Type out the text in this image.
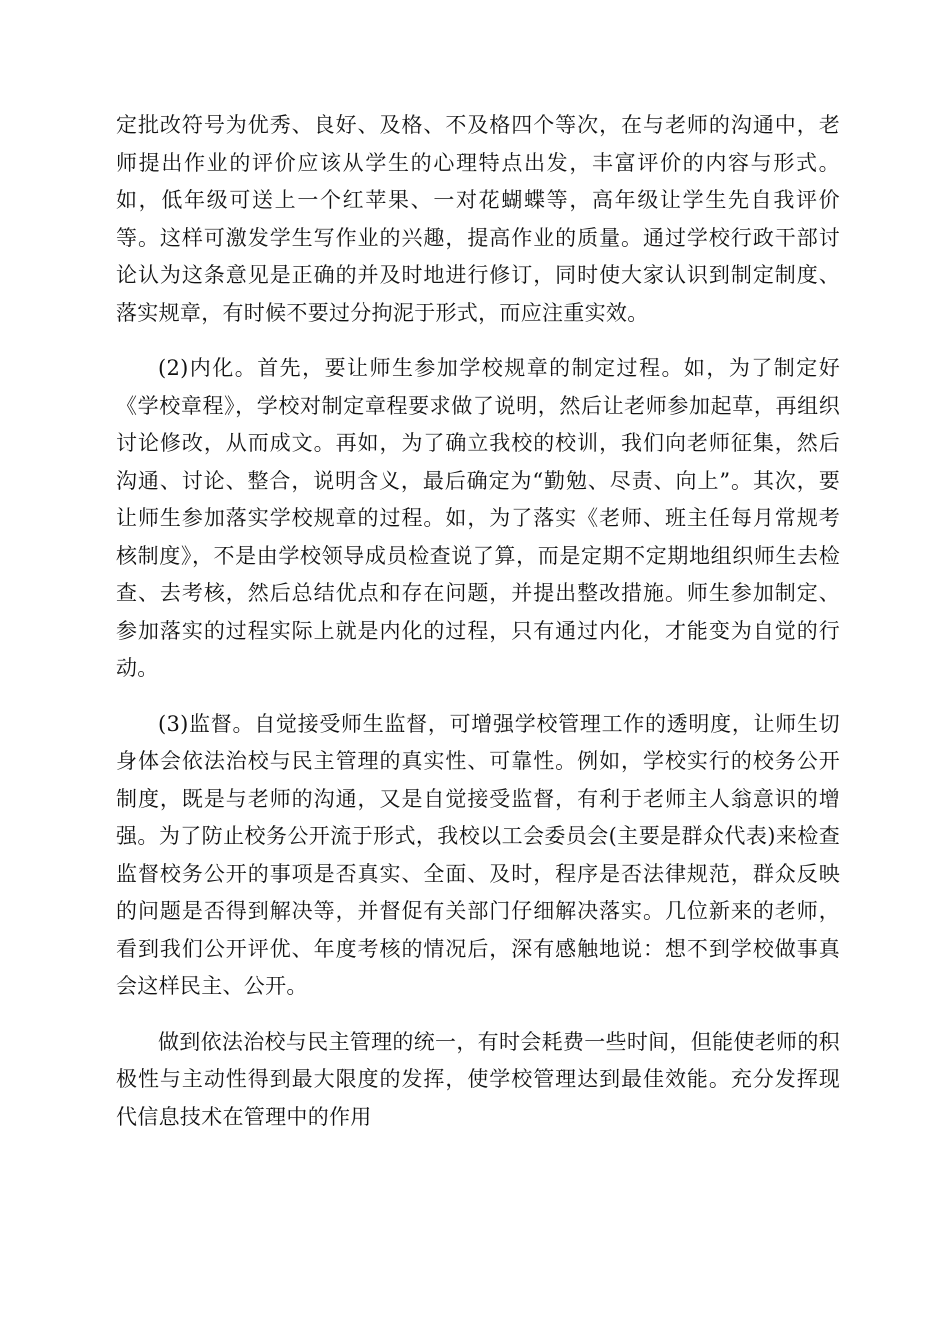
定批改符号为优秀、良好、及格、不及格四个等次，在与老师的沟通中，老师提出作业的评价应该从学生的心理特点出发，丰富评价的内容与形式。如，低年级可送上一个红苹果、一对花蝴蝶等，高年级让学生先自我评价等。这样可激发学生写作业的兴趣，提高作业的质量。通过学校行政干部讨论认为这条意见是正确的并及时地进行修订，同时使大家认识到制定制度、落实规章，有时候不要过分拘泥于形式，而应注重实效。

(2)内化。首先，要让师生参加学校规章的制定过程。如，为了制定好《学校章程》，学校对制定章程要求做了说明，然后让老师参加起草，再组织讨论修改，从而成文。再如，为了确立我校的校训，我们向老师征集，然后沟通、讨论、整合，说明含义，最后确定为“勤勉、尽责、向上”。其次，要让师生参加落实学校规章的过程。如，为了落实《老师、班主任每月常规考核制度》，不是由学校领导成员检查说了算，而是定期不定期地组织师生去检查、去考核，然后总结优点和存在问题，并提出整改措施。师生参加制定、参加落实的过程实际上就是内化的过程，只有通过内化，才能变为自觉的行动。

(3)监督。自觉接受师生监督，可增强学校管理工作的透明度，让师生切身体会依法治校与民主管理的真实性、可靠性。例如，学校实行的校务公开制度，既是与老师的沟通，又是自觉接受监督，有利于老师主人翁意识的增强。为了防止校务公开流于形式，我校以工会委员会(主要是群众代表)来检查监督校务公开的事项是否真实、全面、及时，程序是否法律规范，群众反映的问题是否得到解决等，并督促有关部门仔细解决落实。几位新来的老师，看到我们公开评优、年度考核的情况后，深有感触地说：想不到学校做事真会这样民主、公开。

做到依法治校与民主管理的统一，有时会耗费一些时间，但能使老师的积极性与主动性得到最大限度的发挥，使学校管理达到最佳效能。充分发挥现代信息技术在管理中的作用
